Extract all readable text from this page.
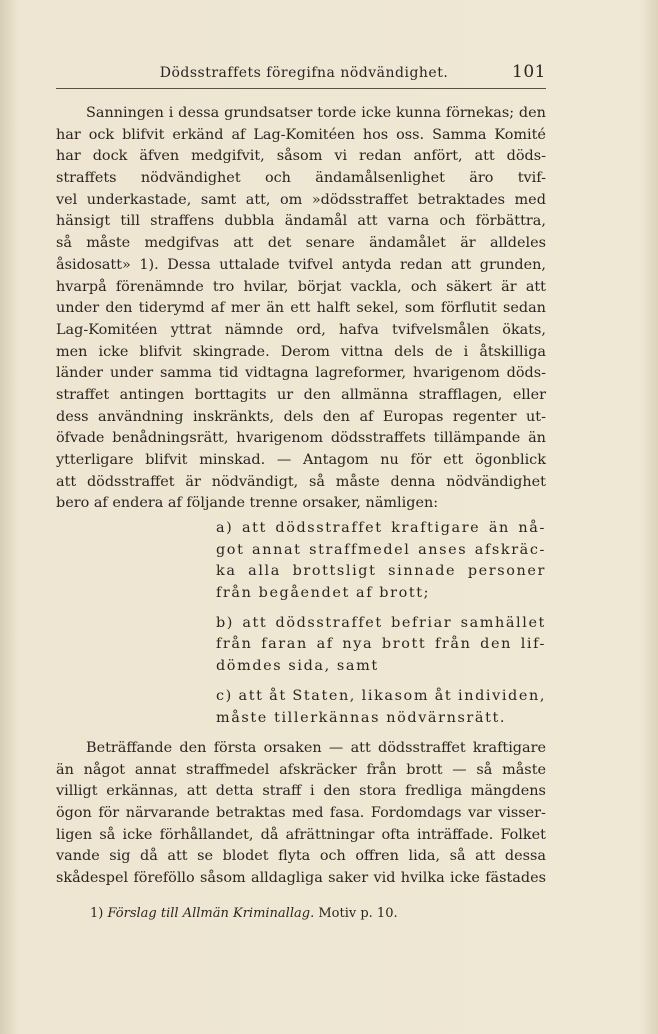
Dödsstraffets föregifna nödvändighet.	101
Sanningen i dessa grundsatser torde icke kunna förnekas; den
har ock blifvit erkänd af Lag-Komitéen hos oss. Samma Komité
har dock äfven medgifvit, såsom vi redan anfört, att döds-
straffets nödvändighet och ändamålsenlighet äro tvif-
vel underkastade, samt att, om »dödsstraffet betraktades med
hänsigt till straffens dubbla ändamål att varna och förbättra,
så måste medgifvas att det senare ändamålet är alldeles
åsidosatt» 1). Dessa uttalade tvifvel antyda redan att grunden,
hvarpå förenämnde tro hvilar, börjat vackla, och säkert är att
under den tiderymd af mer än ett halft sekel, som förflutit sedan
Lag-Komitéen yttrat nämnde ord, hafva tvifvelsmålen ökats,
men icke blifvit skingrade. Derom vittna dels de i åtskilliga
länder under samma tid vidtagna lagreformer, hvarigenom döds-
straffet antingen borttagits ur den allmänna strafflagen, eller
dess användning inskränkts, dels den af Europas regenter ut-
öfvade benådningsrätt, hvarigenom dödsstraffets tillämpande än
ytterligare blifvit minskad. — Antagom nu för ett ögonblick
att dödsstraffet är nödvändigt, så måste denna nödvändighet
bero af endera af följande trenne orsaker, nämligen:
a) att dödsstraffet kraftigare än nå-
got annat straffmedel anses afskräc-
ka alla brottsligt sinnade personer
från begåendet af brott;
b) att dödsstraffet befriar samhället
från faran af nya brott från den lif-
dömdes sida, samt
c) att åt Staten, likasom åt individen,
måste tillerkännas nödvärnsrätt.
Beträffande den första orsaken — att dödsstraffet kraftigare
än något annat straffmedel afskräcker från brott — så måste
villigt erkännas, att detta straff i den stora fredliga mängdens
ögon för närvarande betraktas med fasa. Fordomdags var visser-
ligen så icke förhållandet, då afrättningar ofta inträffade. Folket
vande sig då att se blodet flyta och offren lida, så att dessa
skådespel föreföllo såsom alldagliga saker vid hvilka icke fästades
1) Förslag till Allmän Kriminallag. Motiv p. 10.
